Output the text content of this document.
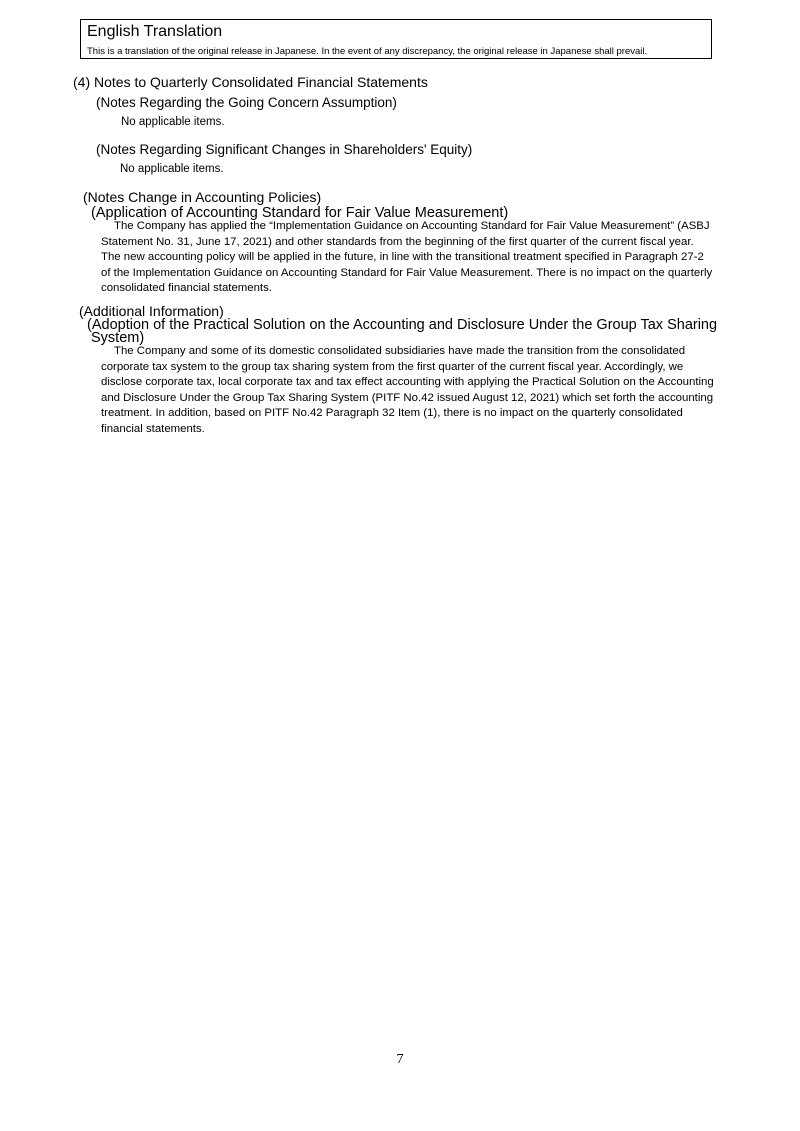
English Translation
This is a translation of the original release in Japanese. In the event of any discrepancy, the original release in Japanese shall prevail.
(4) Notes to Quarterly Consolidated Financial Statements
(Notes Regarding the Going Concern Assumption)
No applicable items.
(Notes Regarding Significant Changes in Shareholders' Equity)
No applicable items.
(Notes Change in Accounting Policies)
(Application of Accounting Standard for Fair Value Measurement)

The Company has applied the “Implementation Guidance on Accounting Standard for Fair Value Measurement” (ASBJ Statement No. 31, June 17, 2021) and other standards from the beginning of the first quarter of the current fiscal year. The new accounting policy will be applied in the future, in line with the transitional treatment specified in Paragraph 27-2 of the Implementation Guidance on Accounting Standard for Fair Value Measurement. There is no impact on the quarterly consolidated financial statements.

(Additional Information)
(Adoption of the Practical Solution on the Accounting and Disclosure Under the Group Tax Sharing
System)

The Company and some of its domestic consolidated subsidiaries have made the transition from the consolidated corporate tax system to the group tax sharing system from the first quarter of the current fiscal year. Accordingly, we disclose corporate tax, local corporate tax and tax effect accounting with applying the Practical Solution on the Accounting and Disclosure Under the Group Tax Sharing System (PITF No.42 issued August 12, 2021) which set forth the accounting treatment. In addition, based on PITF No.42 Paragraph 32 Item (1), there is no impact on the quarterly consolidated financial statements.

7
